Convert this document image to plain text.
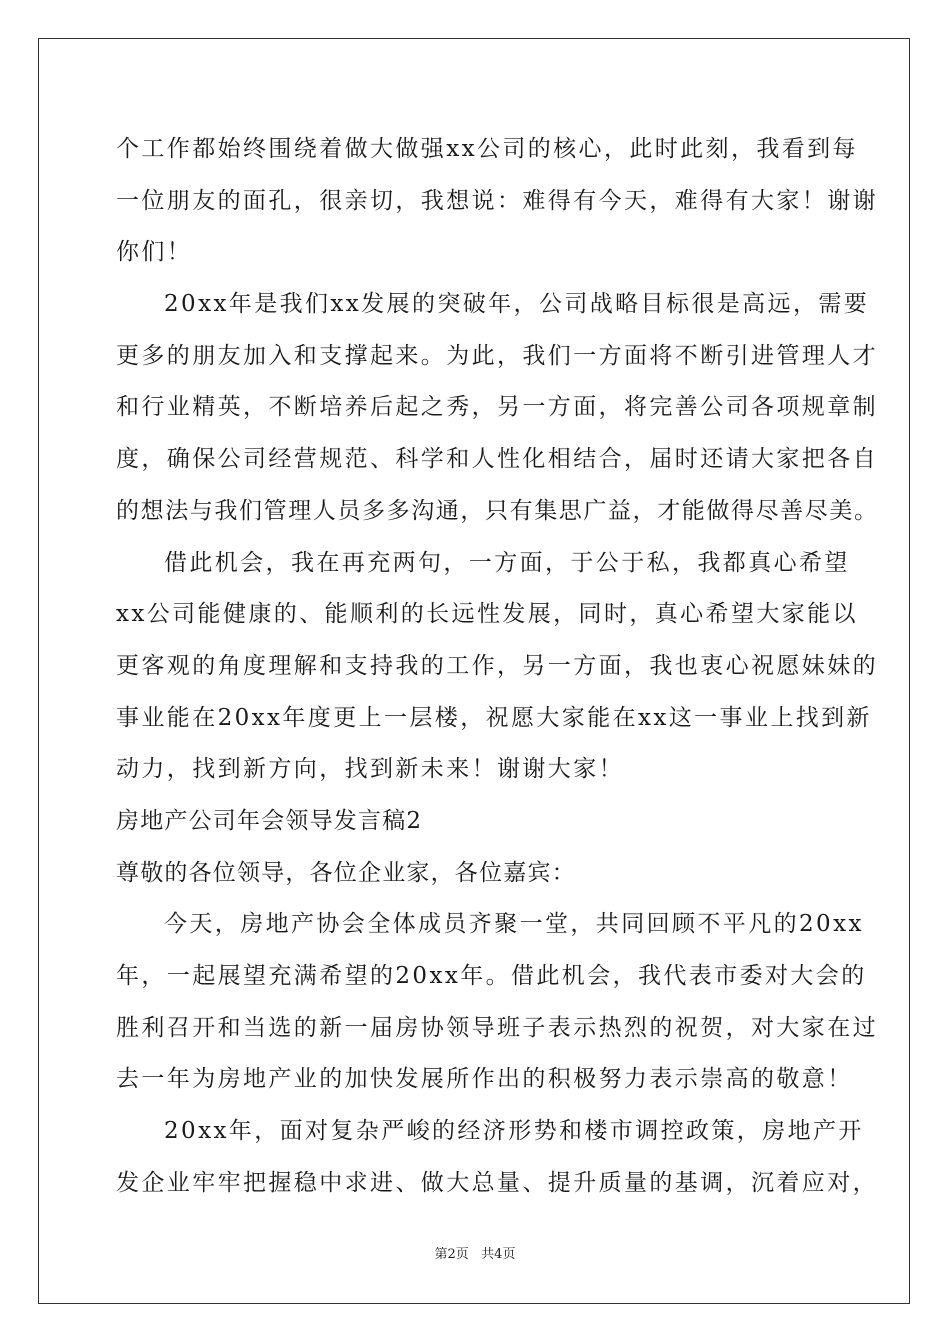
个工作都始终围绕着做大做强xx公司的核心，此时此刻，我看到每
一位朋友的面孔，很亲切，我想说：难得有今天，难得有大家！谢谢
你们！
20xx年是我们xx发展的突破年，公司战略目标很是高远，需要
更多的朋友加入和支撑起来。为此，我们一方面将不断引进管理人才
和行业精英，不断培养后起之秀，另一方面，将完善公司各项规章制
度，确保公司经营规范、科学和人性化相结合，届时还请大家把各自
的想法与我们管理人员多多沟通，只有集思广益，才能做得尽善尽美。
借此机会，我在再充两句，一方面，于公于私，我都真心希望
xx公司能健康的、能顺利的长远性发展，同时，真心希望大家能以
更客观的角度理解和支持我的工作，另一方面，我也衷心祝愿妹妹的
事业能在20xx年度更上一层楼，祝愿大家能在xx这一事业上找到新
动力，找到新方向，找到新未来！谢谢大家！
房地产公司年会领导发言稿2
尊敬的各位领导，各位企业家，各位嘉宾：
今天，房地产协会全体成员齐聚一堂，共同回顾不平凡的20xx
年，一起展望充满希望的20xx年。借此机会，我代表市委对大会的
胜利召开和当选的新一届房协领导班子表示热烈的祝贺，对大家在过
去一年为房地产业的加快发展所作出的积极努力表示崇高的敬意！
20xx年，面对复杂严峻的经济形势和楼市调控政策，房地产开
发企业牢牢把握稳中求进、做大总量、提升质量的基调，沉着应对，
第2页   共4页
